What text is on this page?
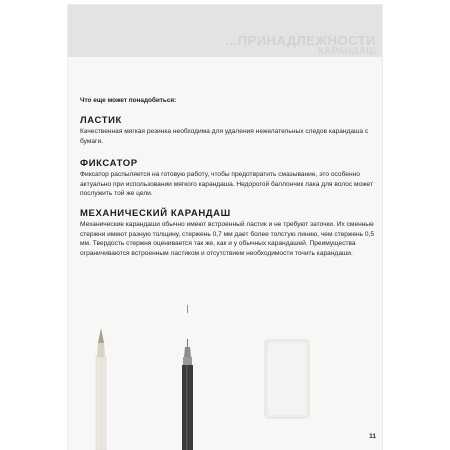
...ПРИНАДЛЕЖНОСТИ
КАРАНДАШ
Что еще может понадобиться:

ЛАСТИК

Качественная мягкая резинка необходима для удаления нежелательных следов карандаша с бумаги.

ФИКСАТОР

Фиксатор распыляется на готовую работу, чтобы предотвратить смазывание, это особенно актуально при использовании мягкого карандаша. Недорогой баллончик лака для волос может послужить той же цели.

МЕХАНИЧЕСКИЙ КАРАНДАШ

Механические карандаши обычно имеют встроенный ластик и не требуют заточки. Их сменные стержни имеют разную толщину, стержень 0,7 мм дает более толстую линию, чем стержень 0,5 мм. Твердость стержня оценивается так же, как и у обычных карандашей. Преимущества ограничиваются встроенным ластиком и отсутствием необходимости точить карандаши.

11
